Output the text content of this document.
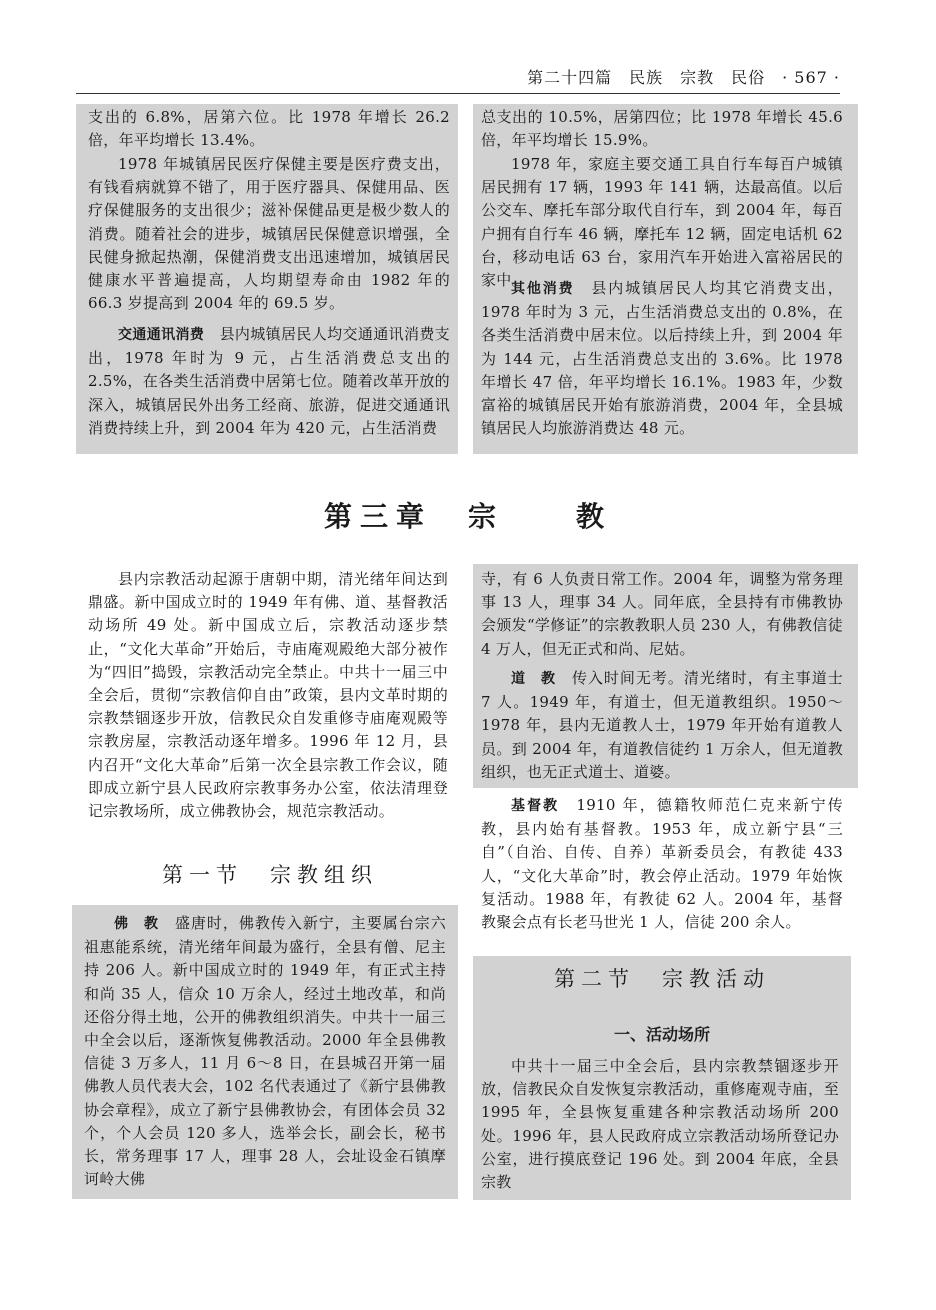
第二十四篇　民族　宗教　民俗　· 567 ·

支出的 6.8%，居第六位。比 1978 年增长 26.2 倍，年平均增长 13.4%。

1978 年城镇居民医疗保健主要是医疗费支出，有钱看病就算不错了，用于医疗器具、保健用品、医疗保健服务的支出很少；滋补保健品更是极少数人的消费。随着社会的进步，城镇居民保健意识增强，全民健身掀起热潮，保健消费支出迅速增加，城镇居民健康水平普遍提高，人均期望寿命由 1982 年的 66.3 岁提高到 2004 年的 69.5 岁。

交通通讯消费　县内城镇居民人均交通通讯消费支出，1978 年时为 9 元，占生活消费总支出的 2.5%，在各类生活消费中居第七位。随着改革开放的深入，城镇居民外出务工经商、旅游，促进交通通讯消费持续上升，到 2004 年为 420 元，占生活消费

总支出的 10.5%，居第四位；比 1978 年增长 45.6 倍，年平均增长 15.9%。

1978 年，家庭主要交通工具自行车每百户城镇居民拥有 17 辆，1993 年 141 辆，达最高值。以后公交车、摩托车部分取代自行车，到 2004 年，每百户拥有自行车 46 辆，摩托车 12 辆，固定电话机 62 台，移动电话 63 台，家用汽车开始进入富裕居民的家中。

其他消费　县内城镇居民人均其它消费支出，1978 年时为 3 元，占生活消费总支出的 0.8%，在各类生活消费中居末位。以后持续上升，到 2004 年为 144 元，占生活消费总支出的 3.6%。比 1978 年增长 47 倍，年平均增长 16.1%。1983 年，少数富裕的城镇居民开始有旅游消费，2004 年，全县城镇居民人均旅游消费达 48 元。

第三章　宗　　教

县内宗教活动起源于唐朝中期，清光绪年间达到鼎盛。新中国成立时的 1949 年有佛、道、基督教活动场所 49 处。新中国成立后，宗教活动逐步禁止，“文化大革命”开始后，寺庙庵观殿绝大部分被作为“四旧”捣毁，宗教活动完全禁止。中共十一届三中全会后，贯彻“宗教信仰自由”政策，县内文革时期的宗教禁锢逐步开放，信教民众自发重修寺庙庵观殿等宗教房屋，宗教活动逐年增多。1996 年 12 月，县内召开“文化大革命”后第一次全县宗教工作会议，随即成立新宁县人民政府宗教事务办公室，依法清理登记宗教场所，成立佛教协会，规范宗教活动。

第一节　宗教组织

佛　教　盛唐时，佛教传入新宁，主要属台宗六祖惠能系统，清光绪年间最为盛行，全县有僧、尼主持 206 人。新中国成立时的 1949 年，有正式主持和尚 35 人，信众 10 万余人，经过土地改革，和尚还俗分得土地，公开的佛教组织消失。中共十一届三中全会以后，逐渐恢复佛教活动。2000 年全县佛教信徒 3 万多人，11 月 6～8 日，在县城召开第一届佛教人员代表大会，102 名代表通过了《新宁县佛教协会章程》，成立了新宁县佛教协会，有团体会员 32 个，个人会员 120 多人，选举会长，副会长，秘书长，常务理事 17 人，理事 28 人，会址设金石镇摩诃岭大佛

寺，有 6 人负责日常工作。2004 年，调整为常务理事 13 人，理事 34 人。同年底，全县持有市佛教协会颁发“学修证”的宗教教职人员 230 人，有佛教信徒 4 万人，但无正式和尚、尼姑。

道　教　传入时间无考。清光绪时，有主事道士 7 人。1949 年，有道士，但无道教组织。1950～1978 年，县内无道教人士，1979 年开始有道教人员。到 2004 年，有道教信徒约 1 万余人，但无道教组织，也无正式道士、道婆。

基督教　1910 年，德籍牧师范仁克来新宁传教，县内始有基督教。1953 年，成立新宁县“三自”（自治、自传、自养）革新委员会，有教徒 433 人，“文化大革命”时，教会停止活动。1979 年始恢复活动。1988 年，有教徒 62 人。2004 年，基督教聚会点有长老马世光 1 人，信徒 200 余人。

第二节　宗教活动
一、活动场所

中共十一届三中全会后，县内宗教禁锢逐步开放，信教民众自发恢复宗教活动，重修庵观寺庙，至 1995 年，全县恢复重建各种宗教活动场所 200 处。1996 年，县人民政府成立宗教活动场所登记办公室，进行摸底登记 196 处。到 2004 年底，全县宗教
